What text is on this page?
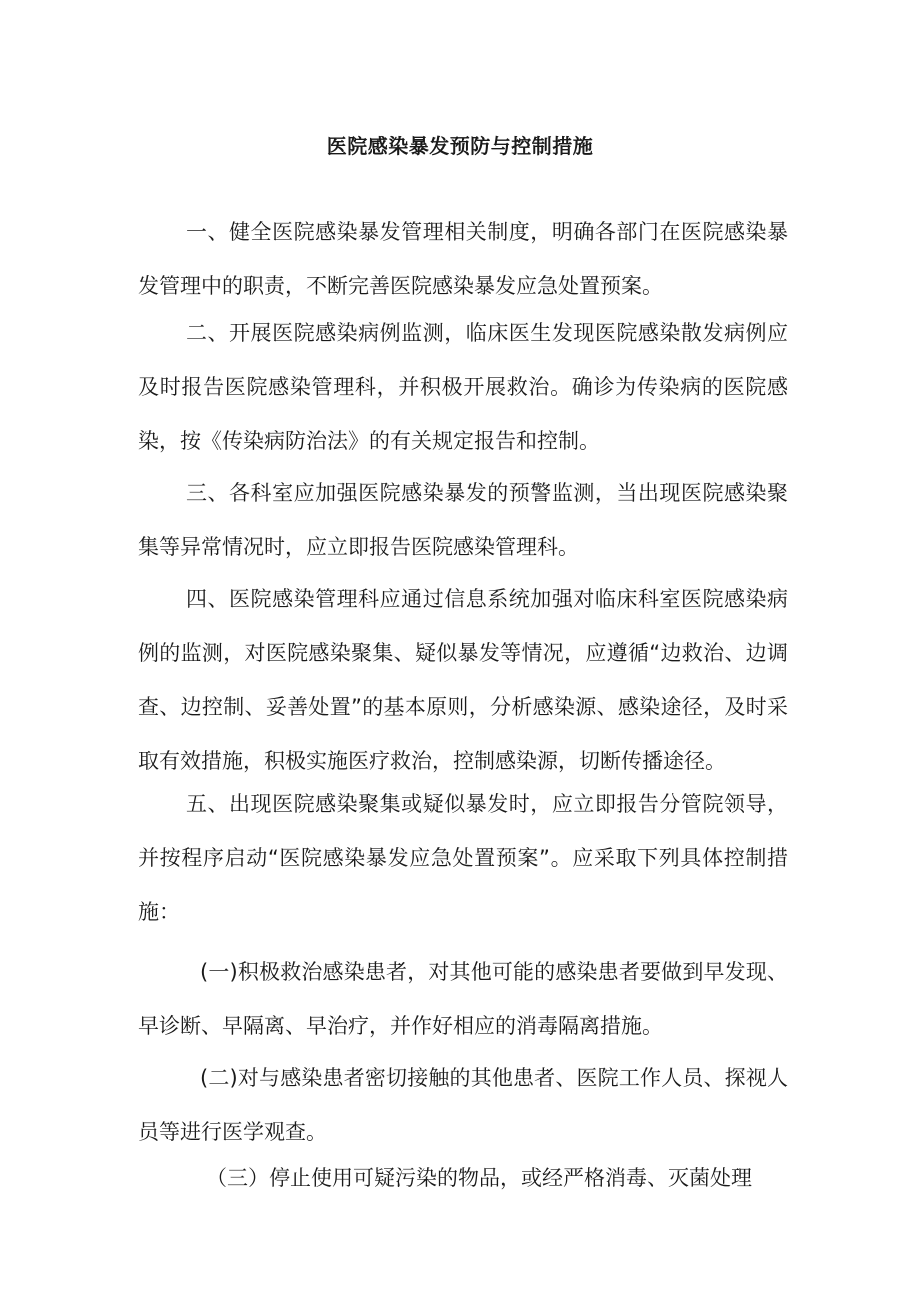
医院感染暴发预防与控制措施

一、健全医院感染暴发管理相关制度，明确各部门在医院感染暴发管理中的职责，不断完善医院感染暴发应急处置预案。

二、开展医院感染病例监测，临床医生发现医院感染散发病例应及时报告医院感染管理科，并积极开展救治。确诊为传染病的医院感染，按《传染病防治法》的有关规定报告和控制。

三、各科室应加强医院感染暴发的预警监测，当出现医院感染聚集等异常情况时，应立即报告医院感染管理科。

四、医院感染管理科应通过信息系统加强对临床科室医院感染病例的监测，对医院感染聚集、疑似暴发等情况，应遵循“边救治、边调查、边控制、妥善处置”的基本原则，分析感染源、感染途径，及时采取有效措施，积极实施医疗救治，控制感染源，切断传播途径。

五、出现医院感染聚集或疑似暴发时，应立即报告分管院领导，并按程序启动“医院感染暴发应急处置预案”。应采取下列具体控制措施：

(一)积极救治感染患者，对其他可能的感染患者要做到早发现、早诊断、早隔离、早治疗，并作好相应的消毒隔离措施。

(二)对与感染患者密切接触的其他患者、医院工作人员、探视人员等进行医学观查。

（三）停止使用可疑污染的物品，或经严格消毒、灭菌处理
